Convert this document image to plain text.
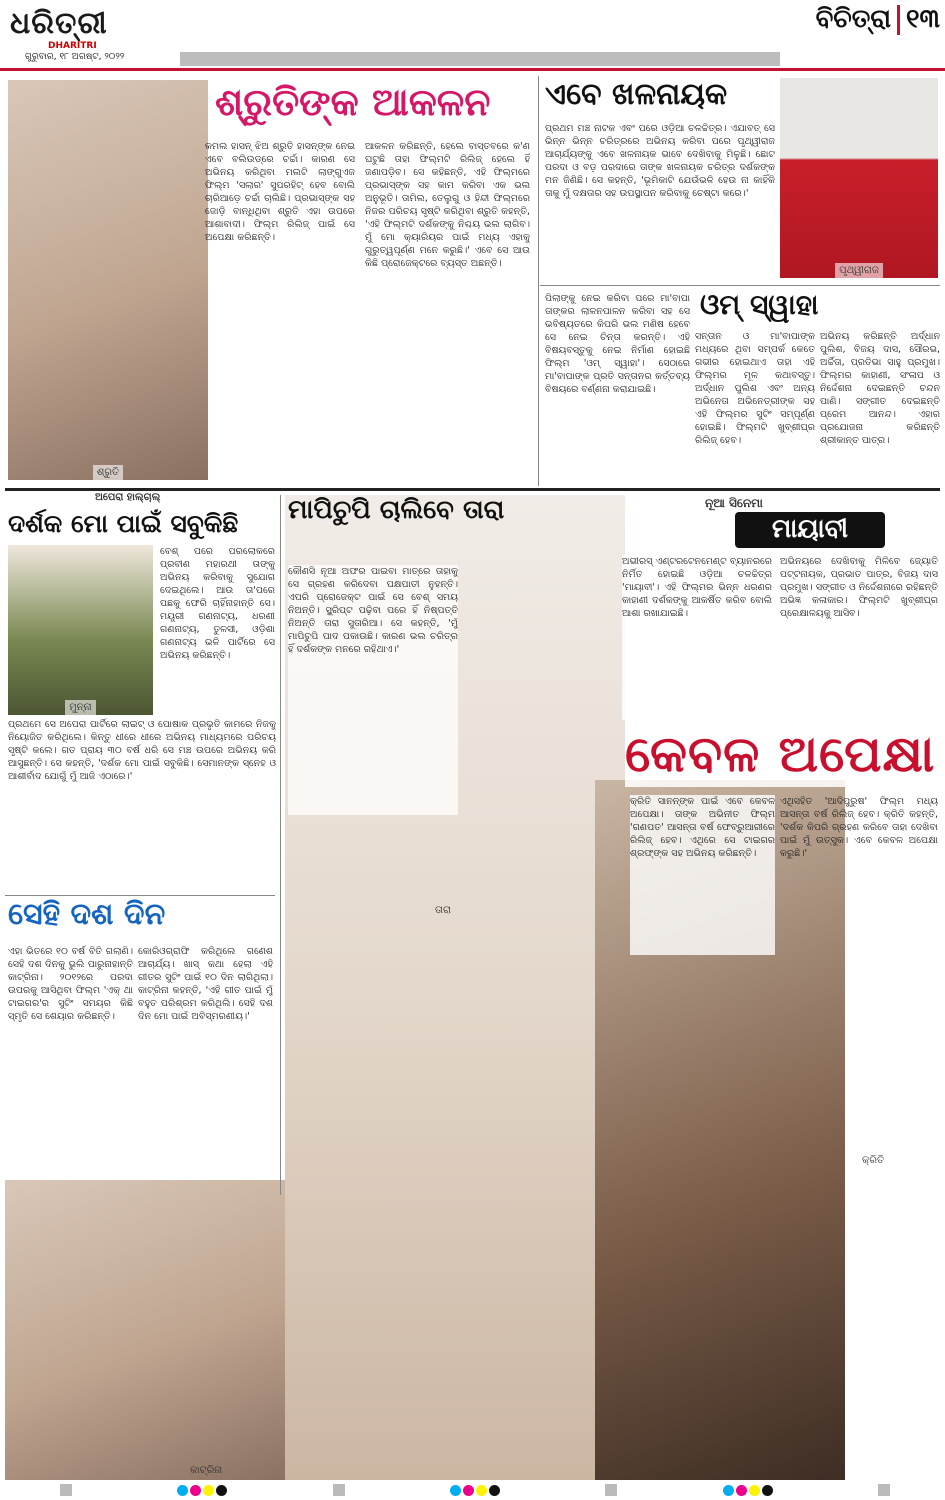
ଧରିତ୍ରୀ
DHARITRI
ଗୁରୁବାର, ୧୮ ଅଗଷ୍ଟ, ୨୦୨୨
ବିଚିତ୍ରା ୧୩
ଶ୍ରୁତି
ଶ୍ରୁତିଙ୍କ ଆକଳନ
କମଲ ହାସନ୍‌ ଝିଅ ଶ୍ରୁତି ହାସନ୍‌ଙ୍କ ନେଇ ଏବେ ବଲିଉଡ୍‌ରେ ଚର୍ଚ୍ଚା। କାରଣ ସେ ଅଭିନୟ କରିଥିବା ମଲଟି ଲାଙ୍ଗୁଏଜ ଫିଲ୍ମ 'ସଲାର' ସୁପରହିଟ୍‌ ହେବ ବୋଲି ଚାରିଆଡ଼େ ଚର୍ଚ୍ଚା ଚାଲିଛି। ପ୍ରଭାସ୍‌ଙ୍କ ସହ ଜୋଡ଼ି ବାନ୍ଧିଥିବା ଶ୍ରୁତି ଏହା ଉପରେ ଆଶାବାଦୀ। ଫିଲ୍ମ ରିଲିଜ୍‌ ପାଇଁ ସେ ଅପେକ୍ଷା କରିଛନ୍ତି।
ଆକଳନ କରିଛନ୍ତି, ହେଲେ ବାସ୍ତବରେ କ'ଣ ଘଟୁଛି ତାହା ଫିଲ୍ମଟି ରିଲିଜ୍‌ ହେଲେ ହିଁ ଜଣାପଡ଼ିବ। ସେ କହିଛନ୍ତି, ଏହି ଫିଲ୍ମରେ ପ୍ରଭାସ୍‌ଙ୍କ ସହ କାମ କରିବା ଏକ ଭଲ ଅନୁଭୂତି। ତାମିଲ, ତେଲୁଗୁ ଓ ହିନ୍ଦୀ ଫିଲ୍ମରେ ନିଜର ପରିଚୟ ସୃଷ୍ଟି କରିଥିବା ଶ୍ରୁତି କହନ୍ତି, 'ଏହି ଫିଲ୍ମଟି ଦର୍ଶକଙ୍କୁ ନିଶ୍ଚୟ ଭଲ ଲାଗିବ। ମୁଁ ମୋ କ୍ୟାରିୟର ପାଇଁ ମଧ୍ୟ ଏହାକୁ ଗୁରୁତ୍ୱପୂର୍ଣ୍ଣ ମନେ କରୁଛି।' ଏବେ ସେ ଆଉ କିଛି ପ୍ରୋଜେକ୍ଟରେ ବ୍ୟସ୍ତ ଅଛନ୍ତି।
ଏବେ ଖଳନାୟକ
ପୃଥ୍ୱୀରାଜ
ପ୍ରଥମ ମଞ୍ଚ ନାଟକ ଏବଂ ପରେ ଓଡ଼ିଆ ଚଳଚ୍ଚିତ୍ର। ଏଯାବତ୍‌ ସେ ଭିନ୍ନ ଭିନ୍ନ ଚରିତ୍ରରେ ଅଭିନୟ କରିବା ପରେ ପୃଥ୍ୱୀରାଜ ଆଚାର୍ଯ୍ୟଙ୍କୁ ଏବେ ଖଳନାୟକ ଭାବେ ଦେଖିବାକୁ ମିଳୁଛି। ଛୋଟ ପରଦା ଓ ବଡ଼ ପରଦାରେ ତାଙ୍କ ଖଳନାୟକ ଚରିତ୍ର ଦର୍ଶକଙ୍କ ମନ ଜିଣିଛି। ସେ କହନ୍ତି, 'ଭୂମିକାଟି ଯେଉଁଭଳି ହେଉ ନା କାହିଁକି ତାକୁ ମୁଁ ଦକ୍ଷତାର ସହ ଉପସ୍ଥାପନ କରିବାକୁ ଚେଷ୍ଟା କରେ।'
ଓମ୍‌ ସ୍ୱାହା
ପିଲାଙ୍କୁ ନେଇ କରିବା ପରେ ମା'ବାପା ତାଙ୍କର ଲାଳନପାଳନ କରିବା ସହ ସେ ଭବିଷ୍ୟତରେ କିପରି ଭଲ ମଣିଷ ହେବେ ସେ ନେଇ ଚିନ୍ତା କରନ୍ତି। ଏହି ବିଷୟବସ୍ତୁକୁ ନେଇ ନିର୍ମାଣ ହୋଇଛି ଫିଲ୍ମ 'ଓମ୍‌ ସ୍ୱାହା'। ସେଠାରେ ମା'ବାପାଙ୍କ ପ୍ରତି ସନ୍ତାନର କର୍ତ୍ତବ୍ୟ ବିଷୟରେ ବର୍ଣ୍ଣନା କରାଯାଇଛି।
ସନ୍ତାନ ଓ ମା'ବାପାଙ୍କ ମଧ୍ୟରେ ଥିବା ସମ୍ପର୍କ କେତେ ଗଭୀର ହୋଇଥାଏ ତାହା ଏହି ଫିଲ୍ମର ମୂଳ କଥାବସ୍ତୁ। ଅର୍ଦ୍ଧାନ ପୁଲିଶ ଏବଂ ଅନ୍ୟ ଅଭିନେତା ଅଭିନେତ୍ରୀଙ୍କ ସହ ଏହି ଫିଲ୍ମର ସୁଟିଂ ସମ୍ପୂର୍ଣ୍ଣ ହୋଇଛି। ଫିଲ୍ମଟି ଖୁବ୍‌ଶୀଘ୍ର ରିଲିଜ୍‌ ହେବ।
ଅଭିନୟ କରିଛନ୍ତି ଅର୍ଦ୍ଧାନ ପୁଲିଶ, ବିଜୟ ଦାସ, ସୌରଭ, ଅର୍ଚ୍ଚିତା, ପ୍ରତିଭା ସାହୁ ପ୍ରମୁଖ। ଫିଲ୍ମର କାହାଣୀ, ସଂଳାପ ଓ ନିର୍ଦ୍ଦେଶନା ଦେଇଛନ୍ତି ଚନ୍ଦନ ପାଣି। ସଙ୍ଗୀତ ଦେଇଛନ୍ତି ପ୍ରେମ ଆନନ୍ଦ। ଏହାର ପ୍ରଯୋଜନା କରିଛନ୍ତି ଶ୍ରୀକାନ୍ତ ପାତ୍ର।
ଅପେରା ହାଲ୍‌ଚାଲ୍‌
ଦର୍ଶକ ମୋ ପାଇଁ ସବୁକିଛି
ମୁନ୍ନା
ବେଶ୍‌ ପରେ ପରଲୋକରେ ପ୍ରବୀଣ ମହାରଥୀ ତାଙ୍କୁ ଅଭିନୟ କରିବାକୁ ସୁଯୋଗ ଦେଇଥିଲେ। ଆଉ ତା'ପରେ ପଛକୁ ଫେରି ଚାହିଁନାହାନ୍ତି ସେ। ମୟୂରୀ ଗଣନାଟ୍ୟ, ଧରଣୀ ଗଣନାଟ୍ୟ, ତୁଳସୀ, ଓଡ଼ିଶା ଗଣନାଟ୍ୟ ଭଳି ପାର୍ଟିରେ ସେ ଅଭିନୟ କରିଛନ୍ତି।
ପ୍ରଥମେ ସେ ଅପେରା ପାର୍ଟିରେ ଲାଇଟ୍‌ ଓ ପୋଷାକ ପ୍ରଭୃତି କାମରେ ନିଜକୁ ନିୟୋଜିତ କରିଥିଲେ। କିନ୍ତୁ ଧୀରେ ଧୀରେ ଅଭିନୟ ମାଧ୍ୟମରେ ପରିଚୟ ସୃଷ୍ଟି କଲେ। ଗତ ପ୍ରାୟ ୩୦ ବର୍ଷ ଧରି ସେ ମଞ୍ଚ ଉପରେ ଅଭିନୟ କରି ଆସୁଛନ୍ତି। ସେ କହନ୍ତି, 'ଦର୍ଶକ ମୋ ପାଇଁ ସବୁକିଛି। ସେମାନଙ୍କ ସ୍ନେହ ଓ ଆଶୀର୍ବାଦ ଯୋଗୁଁ ମୁଁ ଆଜି ଏଠାରେ।'
ସେହି ଦଶ ଦିନ
ଏହା ଭିତରେ ୧୦ ବର୍ଷ ବିତି ଗଲାଣି। ସେହି ଦଶ ଦିନକୁ ଭୁଲି ପାରୁନାହାନ୍ତି କାଟ୍ରିନା। ୨୦୧୨ରେ ପରଦା ଉପରକୁ ଆସିଥିବା ଫିଲ୍ମ 'ଏକ୍‌ ଥା ଟାଇଗର'ର ସୁଟିଂ ସମୟର କିଛି ସ୍ମୃତି ସେ ଶେୟାର କରିଛନ୍ତି।
କୋରିଓଗ୍ରାଫି କରିଥିଲେ ଗଣେଶ ଆଚାର୍ଯ୍ୟ। ଖାସ୍‌ କଥା ହେଲା ଏହି ଗୀତର ସୁଟିଂ ପାଇଁ ୧୦ ଦିନ ଲାଗିଥିଲା। କାଟ୍ରିନା କହନ୍ତି, 'ଏହି ଗୀତ ପାଇଁ ମୁଁ ବହୁତ ପରିଶ୍ରମ କରିଥିଲି। ସେହି ଦଶ ଦିନ ମୋ ପାଇଁ ଅବିସ୍ମରଣୀୟ।'
କାଟ୍ରିନା
ମାପିଚୁପି ଚାଲିବେ ତାରା
କୌଣସି ନୂଆ ଅଫର ପାଇବା ମାତ୍ରେ ତାହାକୁ ସେ ଗ୍ରହଣ କରିଦେବା ପକ୍ଷପାତୀ ନୁହନ୍ତି। ଏପରି ପ୍ରୋଜେକ୍ଟ ପାଇଁ ସେ ବେଶ୍‌ ସମୟ ନିଅନ୍ତି। ସ୍କ୍ରିପ୍ଟ ପଢ଼ିବା ପରେ ହିଁ ନିଷ୍ପତ୍ତି ନିଅନ୍ତି ତାରା ସୁତାରିଆ। ସେ କହନ୍ତି, 'ମୁଁ ମାପିଚୁପି ପାଦ ପକାଉଛି। କାରଣ ଭଲ ଚରିତ୍ର ହିଁ ଦର୍ଶକଙ୍କ ମନରେ ରହିଥାଏ।'
ତାରା
ନୂଆ ସିନେମା
ମାୟାବୀ
ଅଭୀରସ୍‌ ଏଣ୍ଟରଟେନମେଣ୍ଟ ବ୍ୟାନରରେ ନିର୍ମିତ ହୋଇଛି ଓଡ଼ିଆ ଚଳଚ୍ଚିତ୍ର 'ମାୟାବୀ'। ଏହି ଫିଲ୍ମର ଭିନ୍ନ ଧରଣର କାହାଣୀ ଦର୍ଶକଙ୍କୁ ଆକର୍ଷିତ କରିବ ବୋଲି ଆଶା ରଖାଯାଇଛି।
ଅଭିନୟରେ ଦେଖିବାକୁ ମିଳିବେ ଜ୍ୟୋତି ପଟ୍ଟନାୟକ, ପ୍ରଭାତ ପାତ୍ର, ବିଜୟ ଦାସ ପ୍ରମୁଖ। ସଙ୍ଗୀତ ଓ ନିର୍ଦ୍ଦେଶନାରେ ରହିଛନ୍ତି ଅଭିଜ୍ଞ କଳାକାର। ଫିଲ୍ମଟି ଖୁବ୍‌ଶୀଘ୍ର ପ୍ରେକ୍ଷାଳୟକୁ ଆସିବ।
କେବଳ ଅପେକ୍ଷା
କ୍ରିତି ସାନନ୍‌ଙ୍କ ପାଇଁ ଏବେ କେବଳ ଅପେକ୍ଷା। ତାଙ୍କ ଅଭିନୀତ ଫିଲ୍ମ 'ଗଣପତ' ଆସନ୍ତା ବର୍ଷ ଫେବ୍ରୁଆରୀରେ ରିଲିଜ୍‌ ହେବ। ଏଥିରେ ସେ ଟାଇଗର ଶ୍ରଫ୍‌ଙ୍କ ସହ ଅଭିନୟ କରିଛନ୍ତି।
ଏଥିସହିତ 'ଆଦିପୁରୁଷ' ଫିଲ୍ମ ମଧ୍ୟ ଆସନ୍ତା ବର୍ଷ ରିଲିଜ୍‌ ହେବ। କ୍ରିତି କହନ୍ତି, 'ଦର୍ଶକ କିପରି ଗ୍ରହଣ କରିବେ ତାହା ଦେଖିବା ପାଇଁ ମୁଁ ଉତ୍ସୁକ। ଏବେ କେବଳ ଅପେକ୍ଷା କରୁଛି।'
କ୍ରିତି
